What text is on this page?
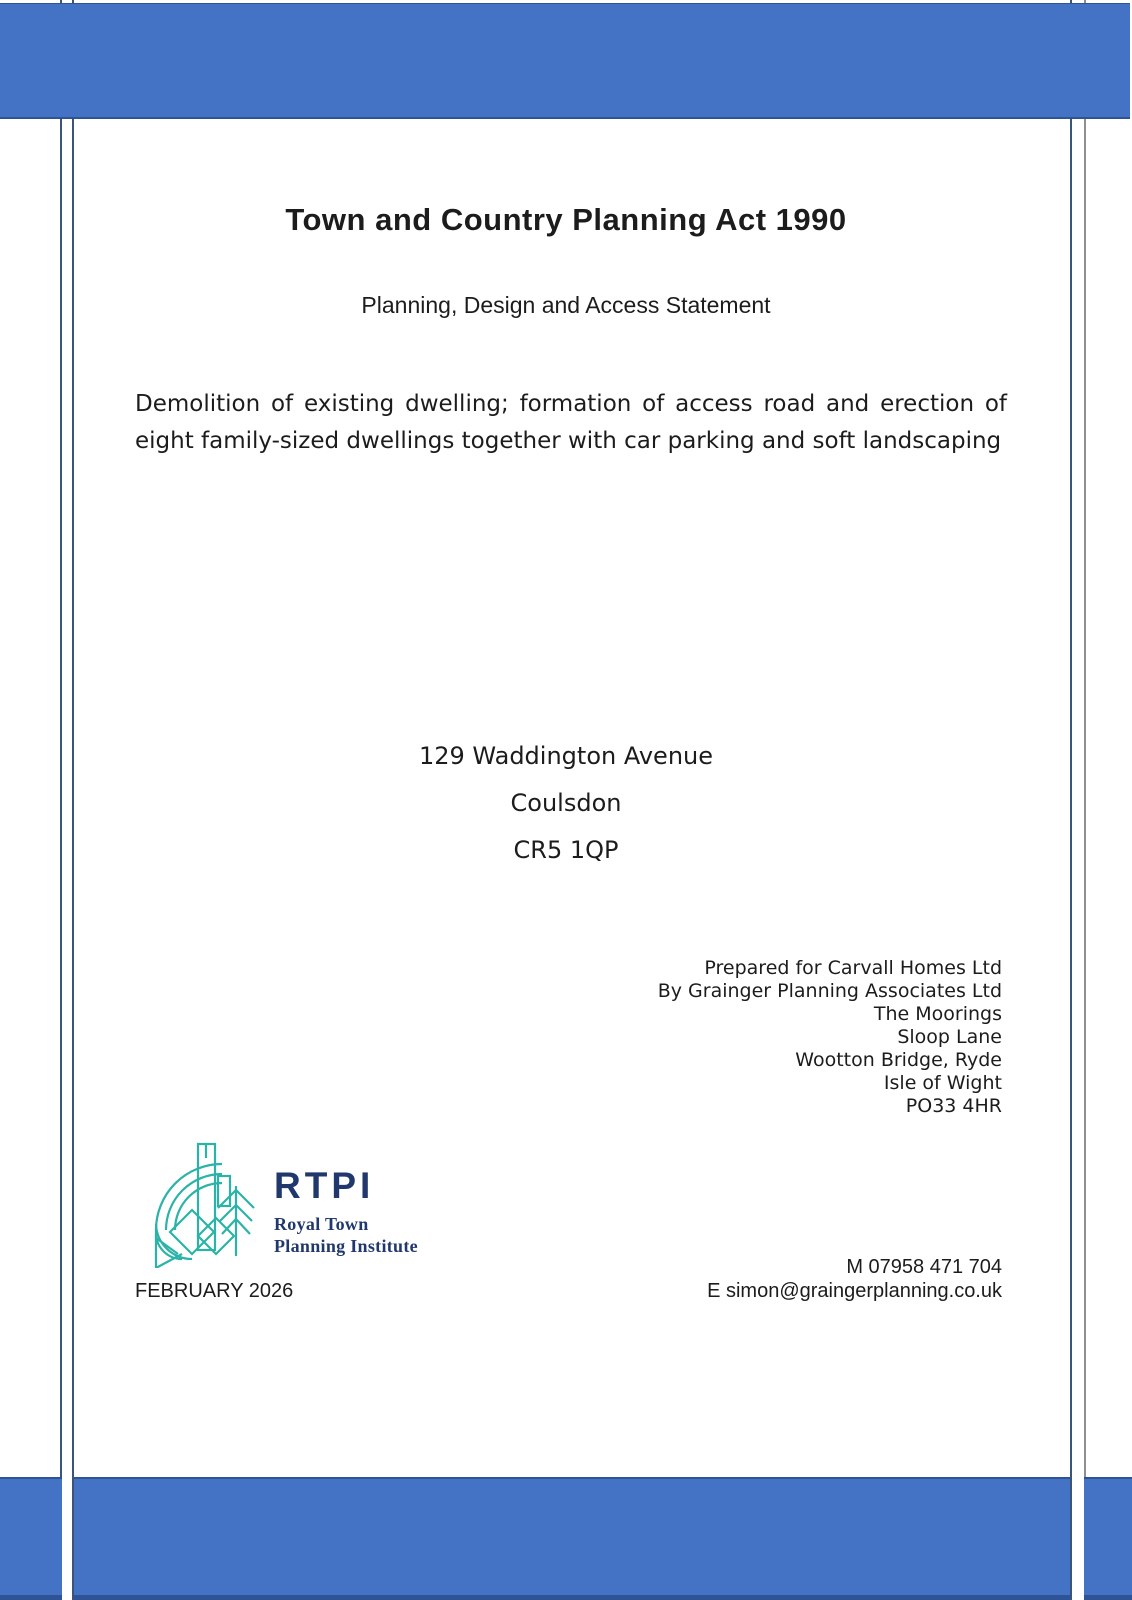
Town and Country Planning Act 1990
Planning, Design and Access Statement
Demolition of existing dwelling; formation of access road and erection of eight family-sized dwellings together with car parking and soft landscaping
129 Waddington Avenue
Coulsdon
CR5 1QP
Prepared for Carvall Homes Ltd
By Grainger Planning Associates Ltd
The Moorings
Sloop Lane
Wootton Bridge, Ryde
Isle of Wight
PO33 4HR
RTPI
Royal Town
Planning Institute
FEBRUARY 2026
M 07958 471 704
E simon@graingerplanning.co.uk
